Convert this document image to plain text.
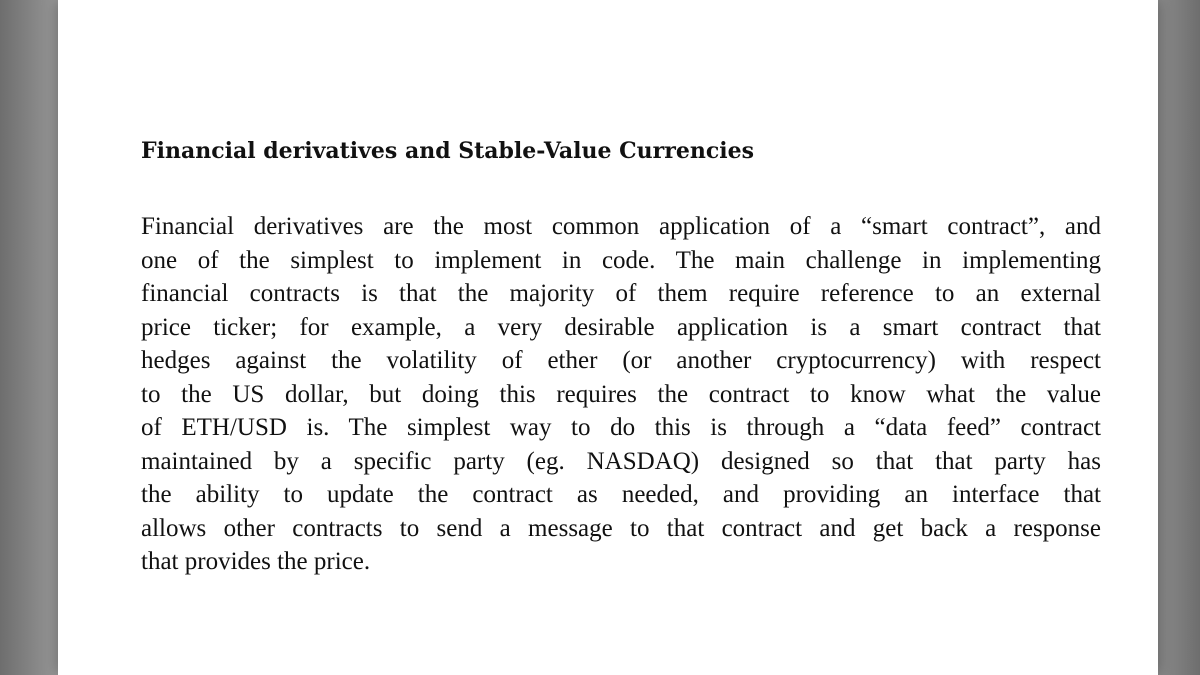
Financial derivatives and Stable-Value Currencies
Financial derivatives are the most common application of a “smart contract”, and
one of the simplest to implement in code. The main challenge in implementing
financial contracts is that the majority of them require reference to an external
price ticker; for example, a very desirable application is a smart contract that
hedges against the volatility of ether (or another cryptocurrency) with respect
to the US dollar, but doing this requires the contract to know what the value
of ETH/USD is. The simplest way to do this is through a “data feed” contract
maintained by a specific party (eg. NASDAQ) designed so that that party has
the ability to update the contract as needed, and providing an interface that
allows other contracts to send a message to that contract and get back a response
that provides the price.
